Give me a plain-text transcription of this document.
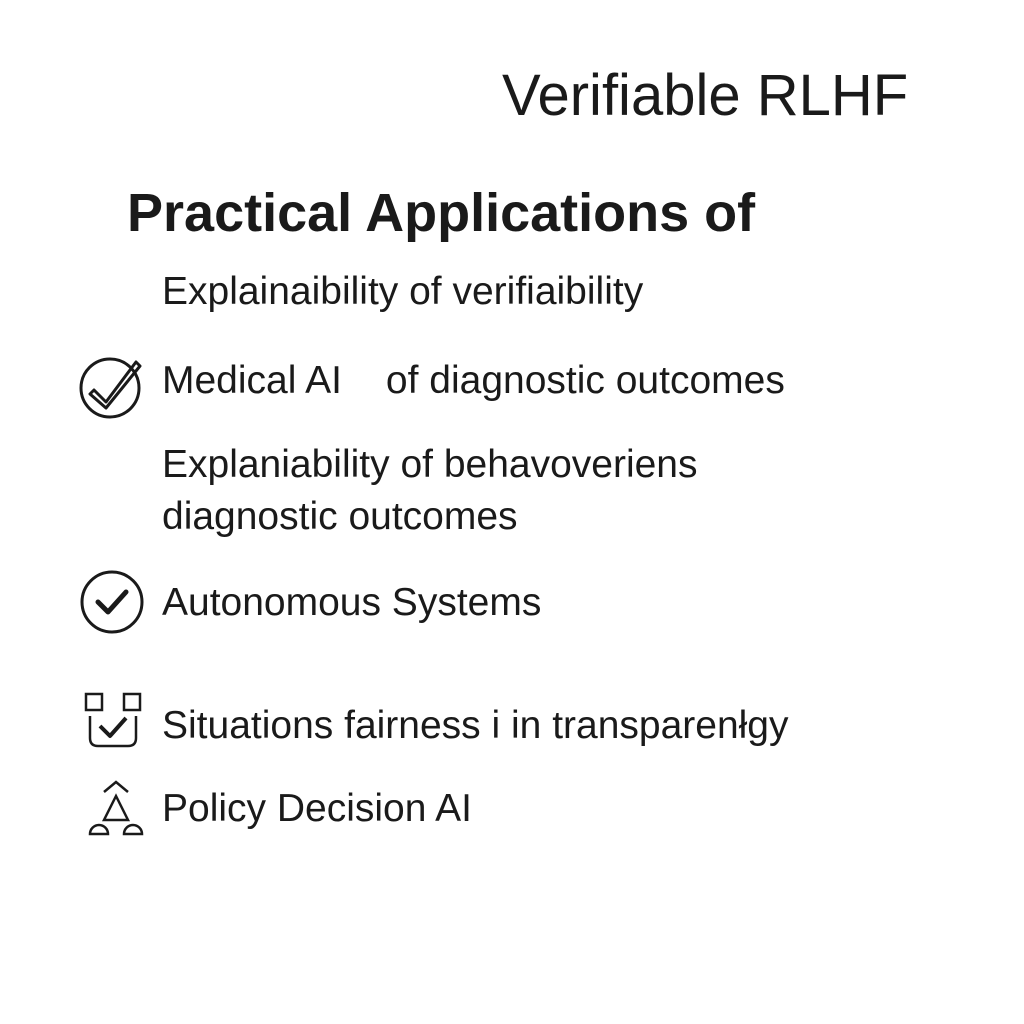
Verifiable RLHF
Practical Applications of
Explainaibility of verifiaibility
Medical AI of diagnostic outcomes
Explaniability of behavoveriens
diagnostic outcomes
Autonomous Systems
Situations fairness i in transparenłgy
Policy Decision AI
